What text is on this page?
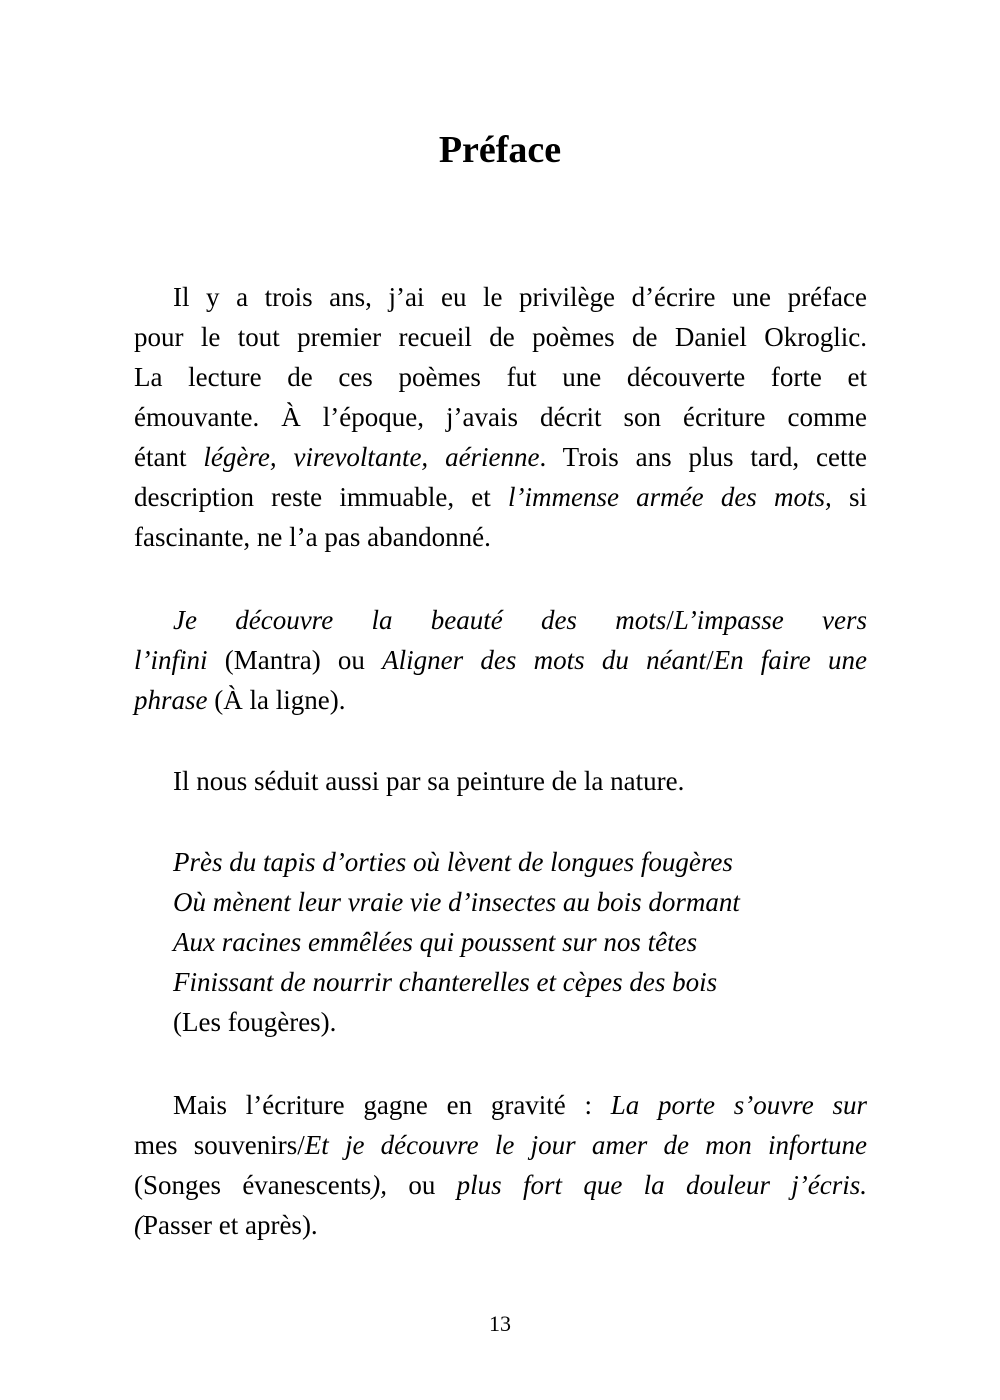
Préface

Il y a trois ans, j’ai eu le privilège d’écrire une préface

pour le tout premier recueil de poèmes de Daniel Okroglic.

La lecture de ces poèmes fut une découverte forte et

émouvante. À l’époque, j’avais décrit son écriture comme

étant légère, virevoltante, aérienne. Trois ans plus tard, cette

description reste immuable, et l’immense armée des mots, si

fascinante, ne l’a pas abandonné.

Je découvre la beauté des mots/L’impasse vers

l’infini (Mantra) ou Aligner des mots du néant/En faire une

phrase (À la ligne).

Il nous séduit aussi par sa peinture de la nature.

Près du tapis d’orties où lèvent de longues fougères

Où mènent leur vraie vie d’insectes au bois dormant

Aux racines emmêlées qui poussent sur nos têtes

Finissant de nourrir chanterelles et cèpes des bois

(Les fougères).

Mais l’écriture gagne en gravité : La porte s’ouvre sur

mes souvenirs/Et je découvre le jour amer de mon infortune

(Songes évanescents), ou plus fort que la douleur j’écris.

(Passer et après).

13
